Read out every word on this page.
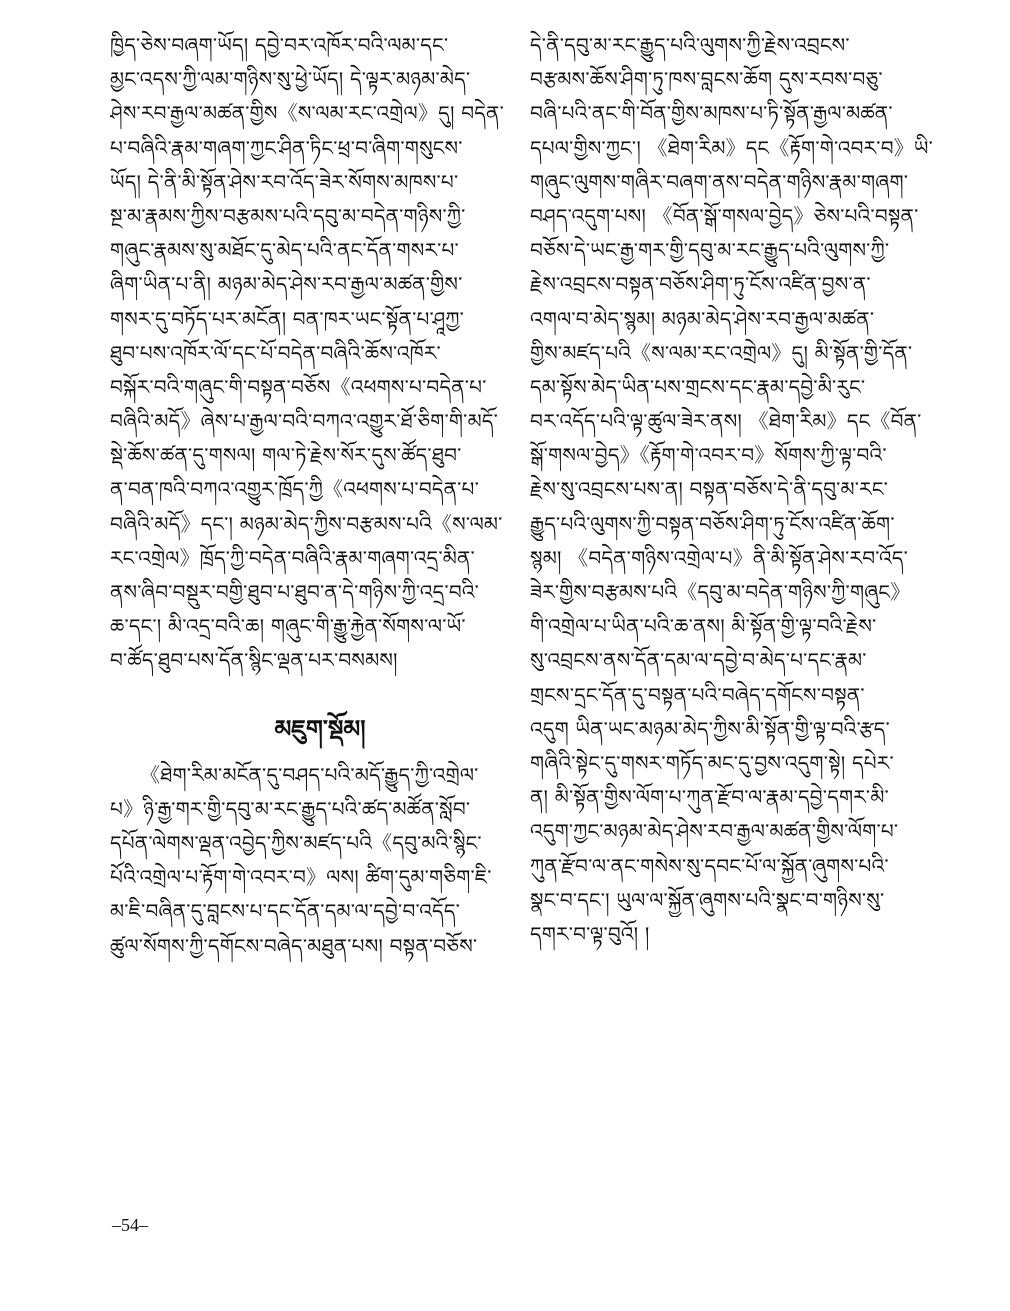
ཁྱིད་ཅེས་བཞག་ཡོད། དབྱེ་བར་འཁོར་བའི་ལམ་དང་
མྱང་འདས་ཀྱི་ལམ་གཉིས་སུ་ཕྱེ་ཡོད། དེ་ལྟར་མཉམ་མེད་
ཤེས་རབ་རྒྱལ་མཚན་གྱིས《ས་ལམ་རང་འགྲེལ》དུ། བདེན་
པ་བཞིའི་རྣམ་གཞག་ཀྱང་ཤིན་ཏིང་ཕྲ་བ་ཞིག་གསུངས་
ཡོད། དེ་ནི་མི་སྟོན་ཤེས་རབ་འོད་ཟེར་སོགས་མཁས་པ་
སྔ་མ་རྣམས་ཀྱིས་བརྩམས་པའི་དབུ་མ་བདེན་གཉིས་ཀྱི་
གཞུང་རྣམས་སུ་མཐོང་དུ་མེད་པའི་ནང་དོན་གསར་པ་
ཞིག་ཡིན་པ་ནི། མཉམ་མེད་ཤེས་རབ་རྒྱལ་མཚན་གྱིས་
གསར་དུ་བཏོད་པར་མངོན། བན་ཁར་ཡང་སྟོན་པ་ཤཱཀྱ་
ཐུབ་པས་འཁོར་ལོ་དང་པོ་བདེན་བཞིའི་ཆོས་འཁོར་
བསྐོར་བའི་གཞུང་གི་བསྟན་བཅོས《འཕགས་པ་བདེན་པ་
བཞིའི་མདོ》ཞེས་པ་རྒྱལ་བའི་བཀའ་འགྱུར་ཐོ་ཅིག་གི་མདོ་
སྡེ་ཆོས་ཚན་དུ་གསལ། གལ་ཏེ་རྗེས་སོར་དུས་ཚོད་ཐུབ་
ན་བན་ཁའི་བཀའ་འགྱུར་ཁྲོད་ཀྱི《འཕགས་པ་བདེན་པ་
བཞིའི་མདོ》དང་། མཉམ་མེད་ཀྱིས་བརྩམས་པའི《ས་ལམ་
རང་འགྲེལ》ཁྲོད་ཀྱི་བདེན་བཞིའི་རྣམ་གཞག་འདྲ་མིན་
ནས་ཞིབ་བསྡུར་བགྱི་ཐུབ་པ་ཐུབ་ན་དེ་གཉིས་ཀྱི་འདྲ་བའི་
ཆ་དང་། མི་འདྲ་བའི་ཆ། གཞུང་གི་རྒྱུ་རྐྱེན་སོགས་ལ་ཡོ་
བ་ཚོད་ཐུབ་པས་དོན་སྙིང་ལྡན་པར་བསམས།
མཇུག་སྡོམ།
《ཐེག་རིམ་མངོན་དུ་བཤད་པའི་མདོ་རྒྱུད་ཀྱི་འགྲེལ་
པ》ཉི་རྒྱ་གར་གྱི་དབུ་མ་རང་རྒྱུད་པའི་ཚད་མཚོན་སློབ་
དཔོན་ལེགས་ལྡན་འབྱེད་ཀྱིས་མཛད་པའི《དབུ་མའི་སྙིང་
པོའི་འགྲེལ་པ་རྟོག་གེ་འབར་བ》ལས། ཚིག་དུམ་གཅིག་ཇི་
མ་ཇི་བཞིན་དུ་བླངས་པ་དང་དོན་དམ་ལ་དབྱེ་བ་འདོད་
ཚུལ་སོགས་ཀྱི་དགོངས་བཞེད་མཐུན་པས། བསྟན་བཅོས་
དེ་ནི་དབུ་མ་རང་རྒྱུད་པའི་ལུགས་ཀྱི་རྗེས་འབྲངས་
བརྩམས་ཆོས་ཤིག་ཏུ་ཁས་བླངས་ཆོག དུས་རབས་བཅུ་
བཞི་པའི་ནང་གི་བོན་གྱིས་མཁས་པ་ཏི་སྟོན་རྒྱལ་མཚན་
དཔལ་གྱིས་ཀྱང་། 《ཐེག་རིམ》དང《རྟོག་གེ་འབར་བ》ཡི་
གཞུང་ལུགས་གཞིར་བཞག་ནས་བདེན་གཉིས་རྣམ་གཞག་
བཤད་འདུག་པས། 《བོན་སྒོ་གསལ་བྱེད》ཅེས་པའི་བསྟན་
བཅོས་དེ་ཡང་རྒྱ་གར་གྱི་དབུ་མ་རང་རྒྱུད་པའི་ལུགས་ཀྱི་
རྗེས་འབྲངས་བསྟན་བཅོས་ཤིག་ཏུ་ངོས་འཛིན་བྱས་ན་
འགལ་བ་མེད་སྙམ། མཉམ་མེད་ཤེས་རབ་རྒྱལ་མཚན་
གྱིས་མཛད་པའི《ས་ལམ་རང་འགྲེལ》དུ། མི་སྟོན་གྱི་དོན་
དམ་སྟོས་མེད་ཡིན་པས་གྲངས་དང་རྣམ་དབྱེ་མི་རུང་
བར་འདོད་པའི་ལྟ་ཚུལ་ཟེར་ནས། 《ཐེག་རིམ》དང《བོན་
སྒོ་གསལ་བྱེད》《རྟོག་གེ་འབར་བ》སོགས་ཀྱི་ལྟ་བའི་
རྗེས་སུ་འབྲངས་པས་ན། བསྟན་བཅོས་དེ་ནི་དབུ་མ་རང་
རྒྱུད་པའི་ལུགས་ཀྱི་བསྟན་བཅོས་ཤིག་ཏུ་ངོས་འཛིན་ཆོག་
སྙམ། 《བདེན་གཉིས་འགྲེལ་པ》ནི་མི་སྟོན་ཤེས་རབ་འོད་
ཟེར་གྱིས་བརྩམས་པའི《དབུ་མ་བདེན་གཉིས་ཀྱི་གཞུང》
གི་འགྲེལ་པ་ཡིན་པའི་ཆ་ནས། མི་སྟོན་གྱི་ལྟ་བའི་རྗེས་
སུ་འབྲངས་ནས་དོན་དམ་ལ་དབྱེ་བ་མེད་པ་དང་རྣམ་
གྲངས་དྲང་དོན་དུ་བསྟན་པའི་བཞེད་དགོངས་བསྟན་
འདུག ཡིན་ཡང་མཉམ་མེད་ཀྱིས་མི་སྟོན་གྱི་ལྟ་བའི་རྩད་
གཞིའི་སྟེང་དུ་གསར་གཏོད་མང་དུ་བྱས་འདུག་སྟེ། དཔེར་
ན། མི་སྟོན་གྱིས་ལོག་པ་ཀུན་རྫོབ་ལ་རྣམ་དབྱེ་དགར་མི་
འདུག་ཀྱང་མཉམ་མེད་ཤེས་རབ་རྒྱལ་མཚན་གྱིས་ལོག་པ་
ཀུན་རྫོབ་ལ་ནང་གསེས་སུ་དབང་པོ་ལ་སྐྱོན་ཞུགས་པའི་
སྣང་བ་དང་། ཡུལ་ལ་སྐྱོན་ཞུགས་པའི་སྣང་བ་གཉིས་སུ་
དགར་བ་ལྟ་བུའོ། །
–54–
